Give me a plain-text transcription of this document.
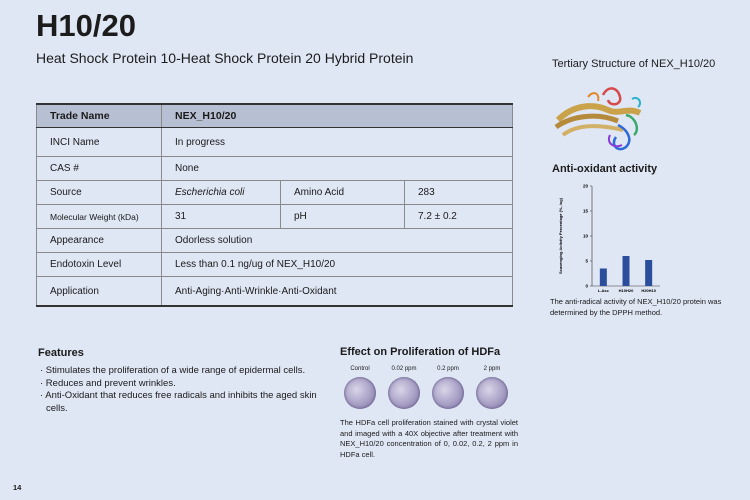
H10/20
Heat Shock Protein 10-Heat Shock Protein 20 Hybrid Protein
Trade Name	NEX_H10/20		
INCI Name	In progress		
CAS #	None		
Source	Escherichia coli	Amino Acid	283
Molecular Weight (kDa)	31	pH	7.2 ± 0.2
Appearance	Odorless solution		
Endotoxin Level	Less than 0.1 ng/ug of NEX_H10/20		
Application	Anti-Aging·Anti-Wrinkle·Anti-Oxidant		
Tertiary Structure of NEX_H10/20
Anti-oxidant activity
Scavenging Activity Percentage (%, /ug)
0
5
10
15
20
L-Asc H10H20 H20H10
The anti-radical activity of NEX_H10/20 protein was determined by the DPPH method.
Features
· Stimulates the proliferation of a wide range of epidermal cells.
· Reduces and prevent wrinkles.
· Anti-Oxidant that reduces free radicals and inhibits the aged skin cells.
Effect on Proliferation of HDFa
Control	0.02 ppm	0.2 ppm	2 ppm
The HDFa cell proliferation stained with crystal violet and imaged with a 40X objective after treatment with NEX_H10/20 concentration of 0, 0.02, 0.2, 2 ppm in HDFa cell.
14
